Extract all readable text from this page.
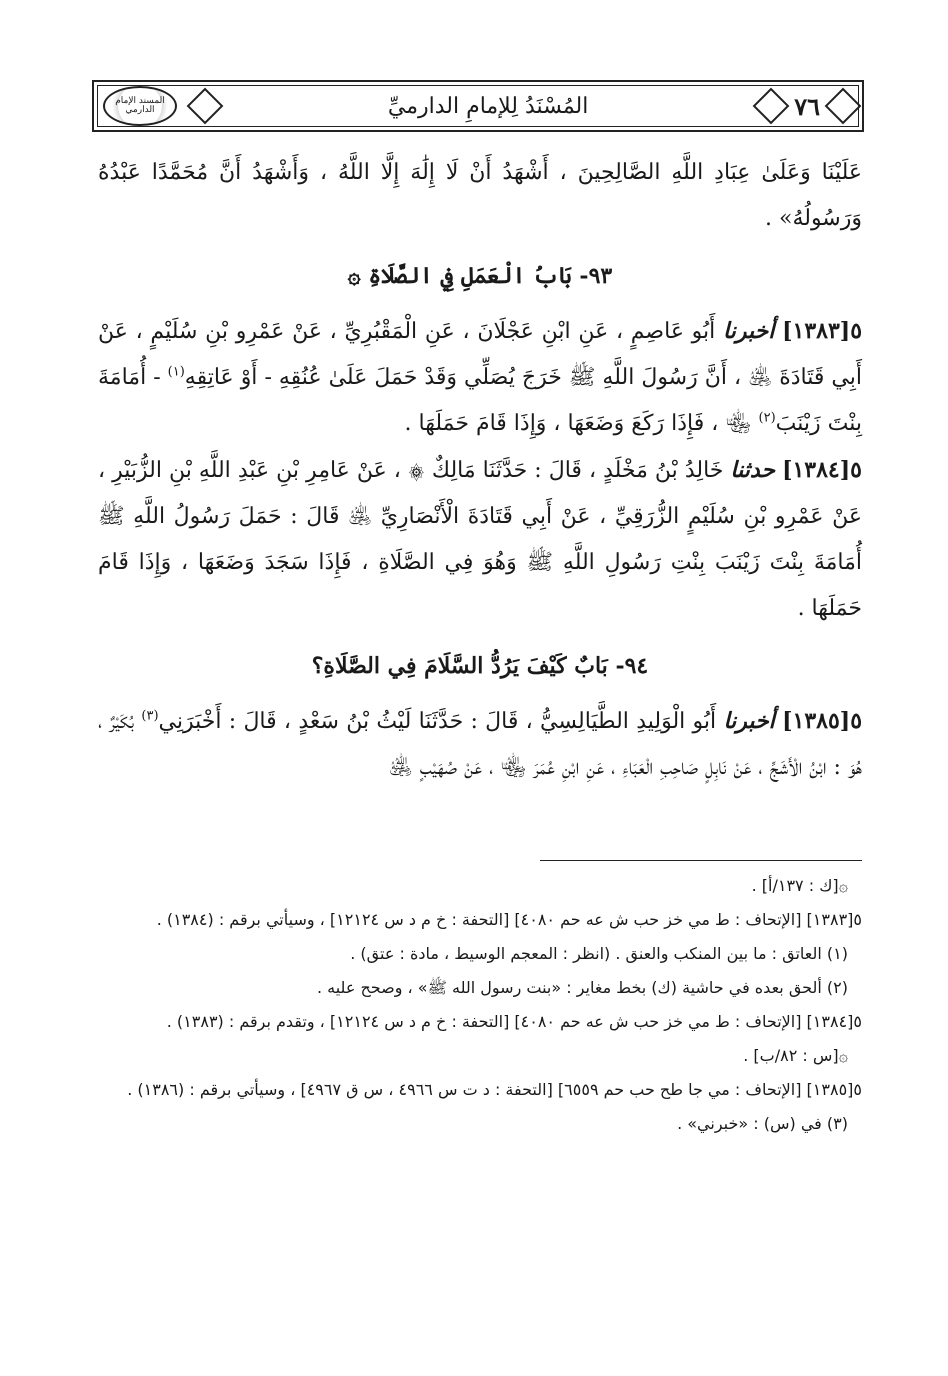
المسند الإمام الدارمي	المُسْنَدُ لِلإمامِ الدارميِّ	٧٦

عَلَيْنَا وَعَلَىٰ عِبَادِ اللَّهِ الصَّالِحِينَ ، أَشْهَدُ أَنْ لَا إِلَٰهَ إِلَّا اللَّهُ ، وَأَشْهَدُ أَنَّ مُحَمَّدًا عَبْدُهُ وَرَسُولُهُ» .

٩٣- بَابُ الْعَمَلِ فِي الصَّلَاةِ ۞

٥[١٣٨٣] أخبرنا أَبُو عَاصِمٍ ، عَنِ ابْنِ عَجْلَانَ ، عَنِ الْمَقْبُرِيِّ ، عَنْ عَمْرِو بْنِ سُلَيْمٍ ، عَنْ أَبِي قَتَادَةَ ﵁ ، أَنَّ رَسُولَ اللَّهِ ﷺ خَرَجَ يُصَلِّي وَقَدْ حَمَلَ عَلَىٰ عُنُقِهِ - أَوْ عَاتِقِهِ$^{(١)}$ - أُمَامَةَ بِنْتَ زَيْنَبَ$^{(٢)}$ ﵄ ، فَإِذَا رَكَعَ وَضَعَهَا ، وَإِذَا قَامَ حَمَلَهَا .

٥[١٣٨٤] حدثنا خَالِدُ بْنُ مَخْلَدٍ ، قَالَ : حَدَّثَنَا مَالِكٌ ۞ ، عَنْ عَامِرِ بْنِ عَبْدِ اللَّهِ بْنِ الزُّبَيْرِ ، عَنْ عَمْرِو بْنِ سُلَيْمٍ الزُّرَقِيِّ ، عَنْ أَبِي قَتَادَةَ الْأَنْصَارِيِّ ﵁ قَالَ : حَمَلَ رَسُولُ اللَّهِ ﷺ أُمَامَةَ بِنْتَ زَيْنَبَ بِنْتِ رَسُولِ اللَّهِ ﷺ وَهُوَ فِي الصَّلَاةِ ، فَإِذَا سَجَدَ وَضَعَهَا ، وَإِذَا قَامَ حَمَلَهَا .

٩٤- بَابٌ كَيْفَ يَرُدُّ السَّلَامَ فِي الصَّلَاةِ؟

٥[١٣٨٥] أخبرنا أَبُو الْوَلِيدِ الطَّيَالِسِيُّ ، قَالَ : حَدَّثَنَا لَيْثُ بْنُ سَعْدٍ ، قَالَ : أَخْبَرَنِي$^{(٣)}$ بُكَيْرٌ ، هُوَ : ابْنُ الْأَشَجِّ ، عَنْ نَابِلٍ صَاحِبِ الْعَبَاءِ ، عَنِ ابْنِ عُمَرَ ﵄ ، عَنْ صُهَيْبٍ ﵁

۞[ك : ١٣٧/أ] .

٥[١٣٨٣] [الإتحاف : ط مي خز حب ش عه حم ٤٠٨٠] [التحفة : خ م د س ١٢١٢٤] ، وسيأتي برقم : (١٣٨٤) .

(١) العاتق : ما بين المنكب والعنق . (انظر : المعجم الوسيط ، مادة : عتق) .

(٢) ألحق بعده في حاشية (ك) بخط مغاير : «بنت رسول الله ﷺ» ، وصحح عليه .

٥[١٣٨٤] [الإتحاف : ط مي خز حب ش عه حم ٤٠٨٠] [التحفة : خ م د س ١٢١٢٤] ، وتقدم برقم : (١٣٨٣) .

۞[س : ٨٢/ب] .

٥[١٣٨٥] [الإتحاف : مي جا طح حب حم ٦٥٥٩] [التحفة : د ت س ٤٩٦٦ ، س ق ٤٩٦٧] ، وسيأتي برقم : (١٣٨٦) .

(٣) في (س) : «خبرني» .
